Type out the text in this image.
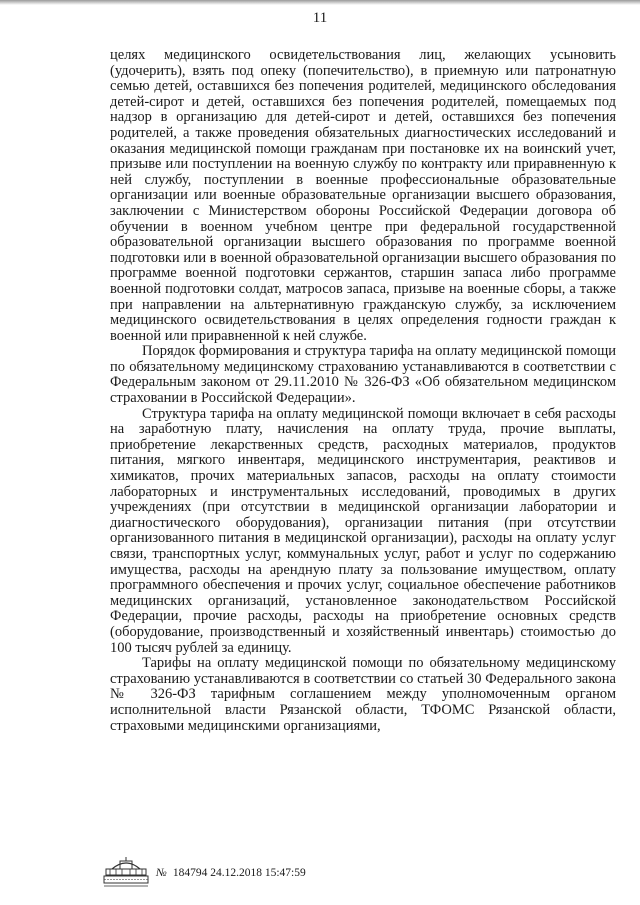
11

целях медицинского освидетельствования лиц, желающих усыновить (удочерить), взять под опеку (попечительство), в приемную или патронатную семью детей, оставшихся без попечения родителей, медицинского обследования детей-сирот и детей, оставшихся без попечения родителей, помещаемых под надзор в организацию для детей-сирот и детей, оставшихся без попечения родителей, а также проведения обязательных диагностических исследований и оказания медицинской помощи гражданам при постановке их на воинский учет, призыве или поступлении на военную службу по контракту или приравненную к ней службу, поступлении в военные профессиональные образовательные организации или военные образовательные организации высшего образования, заключении с Министерством обороны Российской Федерации договора об обучении в военном учебном центре при федеральной государственной образовательной организации высшего образования по программе военной подготовки или в военной образовательной организации высшего образования по программе военной подготовки сержантов, старшин запаса либо программе военной подготовки солдат, матросов запаса, призыве на военные сборы, а также при направлении на альтернативную гражданскую службу, за исключением медицинского освидетельствования в целях определения годности граждан к военной или приравненной к ней службе.

Порядок формирования и структура тарифа на оплату медицинской помощи по обязательному медицинскому страхованию устанавливаются в соответствии с Федеральным законом от 29.11.2010 № 326-ФЗ «Об обязательном медицинском страховании в Российской Федерации».

Структура тарифа на оплату медицинской помощи включает в себя расходы на заработную плату, начисления на оплату труда, прочие выплаты, приобретение лекарственных средств, расходных материалов, продуктов питания, мягкого инвентаря, медицинского инструментария, реактивов и химикатов, прочих материальных запасов, расходы на оплату стоимости лабораторных и инструментальных исследований, проводимых в других учреждениях (при отсутствии в медицинской организации лаборатории и диагностического оборудования), организации питания (при отсутствии организованного питания в медицинской организации), расходы на оплату услуг связи, транспортных услуг, коммунальных услуг, работ и услуг по содержанию имущества, расходы на арендную плату за пользование имуществом, оплату программного обеспечения и прочих услуг, социальное обеспечение работников медицинских организаций, установленное законодательством Российской Федерации, прочие расходы, расходы на приобретение основных средств (оборудование, производственный и хозяйственный инвентарь) стоимостью до 100 тысяч рублей за единицу.

Тарифы на оплату медицинской помощи по обязательному медицинскому страхованию устанавливаются в соответствии со статьей 30 Федерального закона № 326-ФЗ тарифным соглашением между уполномоченным органом исполнительной власти Рязанской области, ТФОМС Рязанской области, страховыми медицинскими организациями,

№ 184794 24.12.2018 15:47:59
